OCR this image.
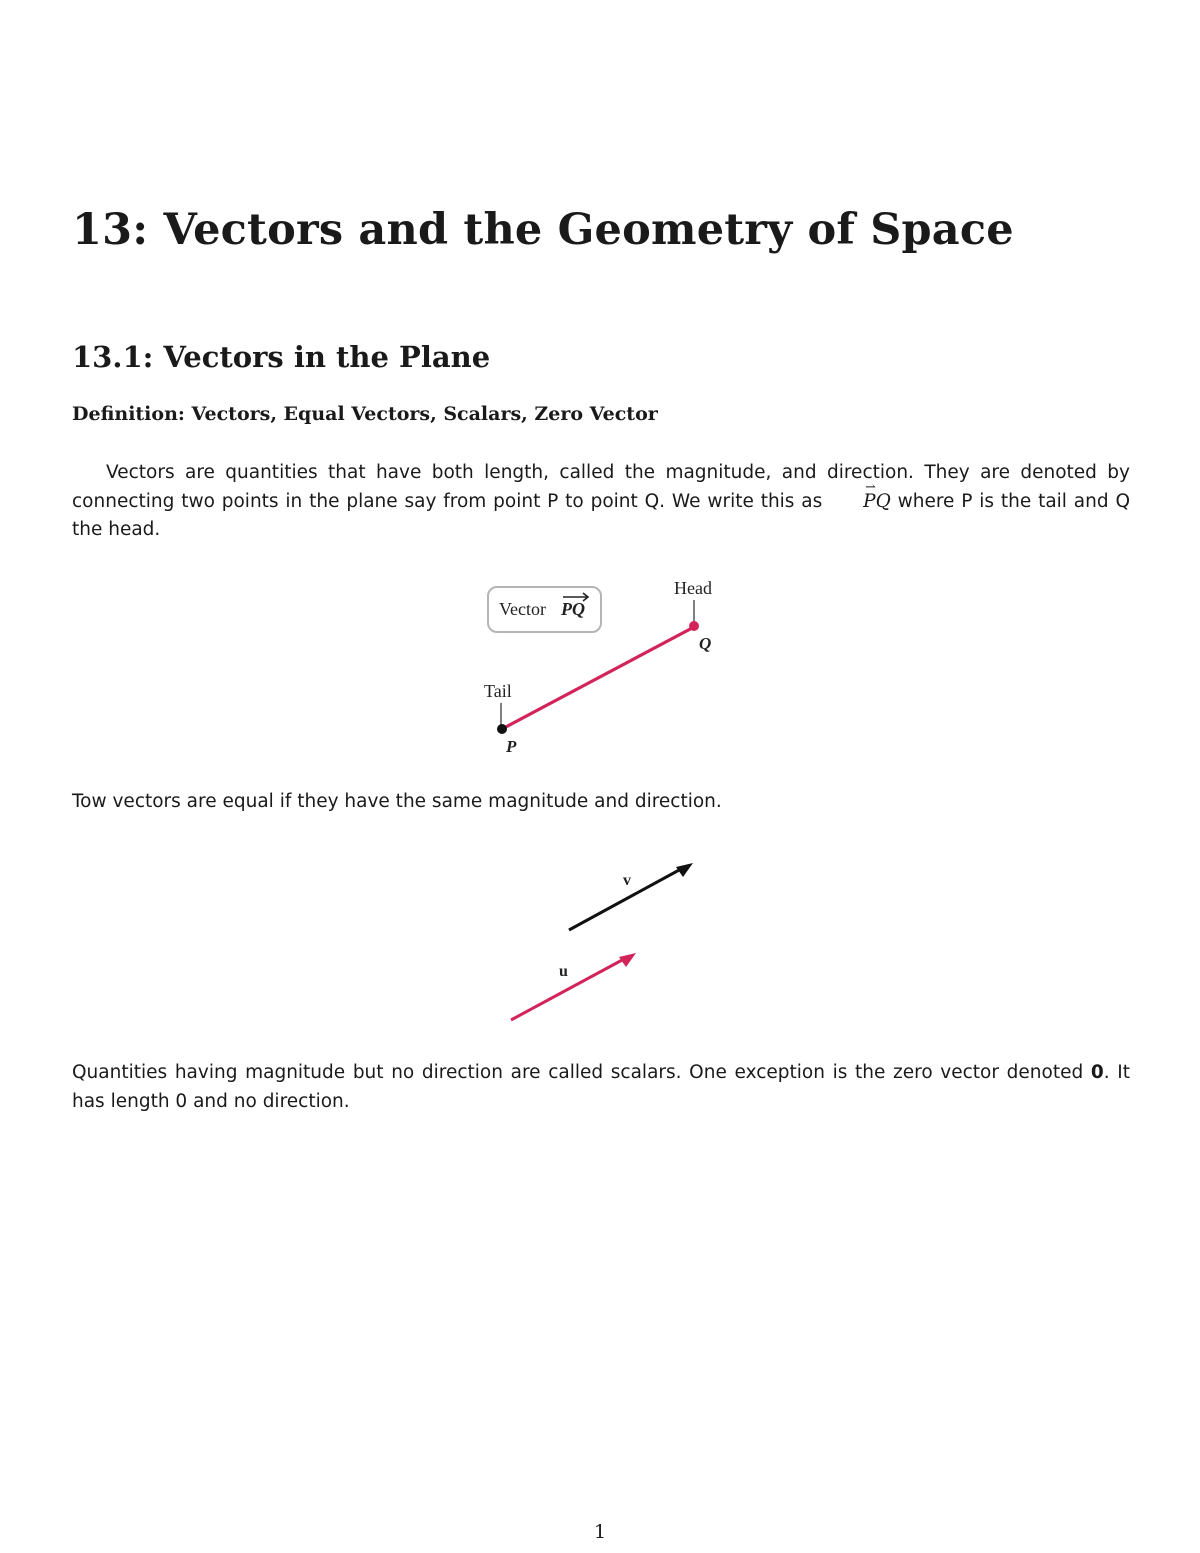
13: Vectors and the Geometry of Space
13.1: Vectors in the Plane
Definition: Vectors, Equal Vectors, Scalars, Zero Vector

Vectors are quantities that have both length, called the magnitude, and direction. They are denoted by connecting two points in the plane say from point P to point Q. We write this as
⇀
PQ where P is the tail and Q the head.

Vector PQ
Head
Tail
Q
P

Tow vectors are equal if they have the same magnitude and direction.

v
u

Quantities having magnitude but no direction are called scalars. One exception is the zero vector denoted 0. It has length 0 and no direction.

1
